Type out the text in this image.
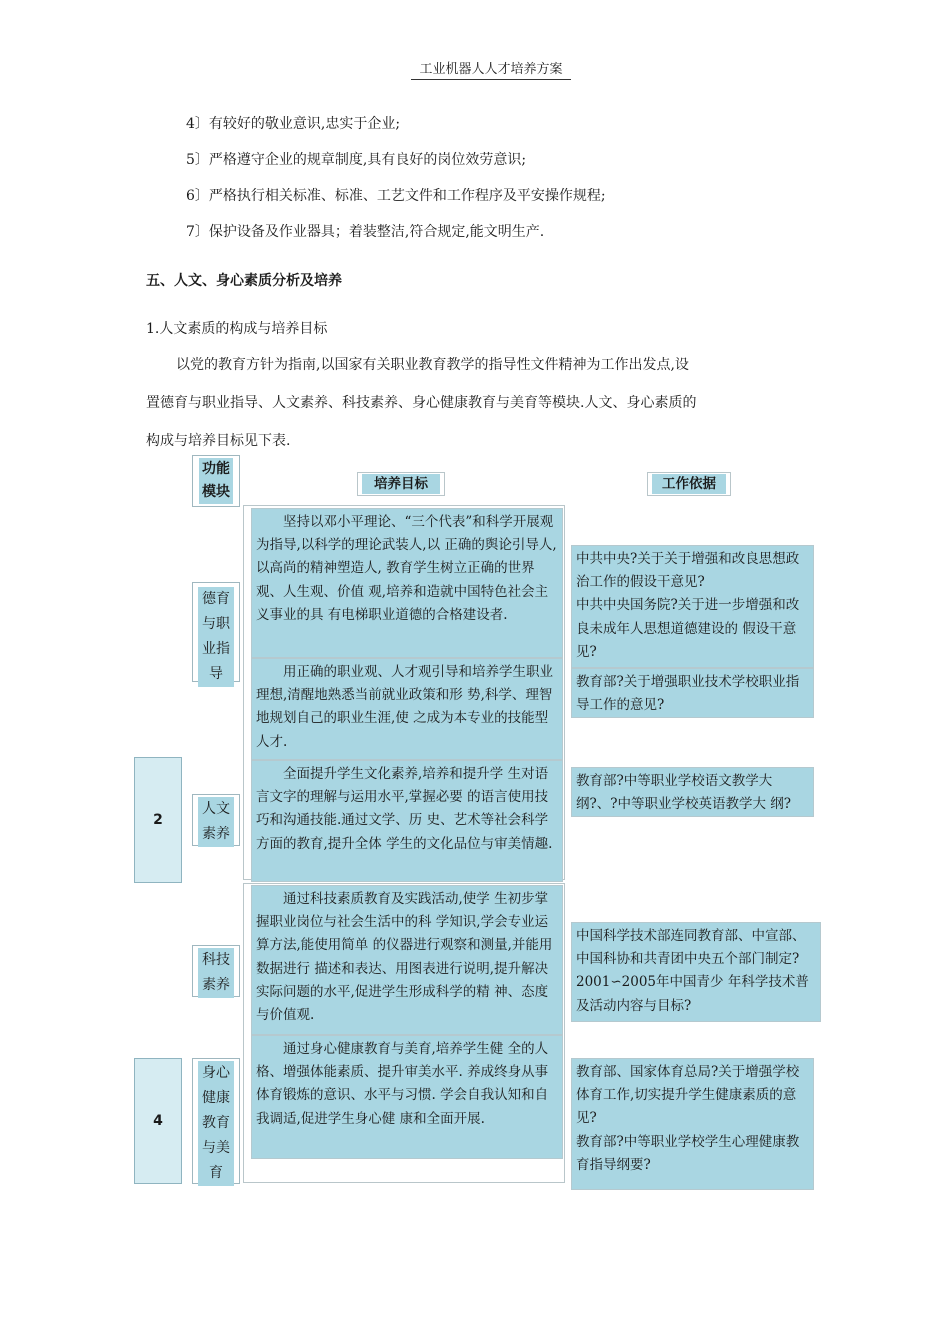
工业机器人人才培养方案
4〕有较好的敬业意识,忠实于企业;
5〕严格遵守企业的规章制度,具有良好的岗位效劳意识;
6〕严格执行相关标准、标准、工艺文件和工作程序及平安操作规程;
7〕保护设备及作业器具；着装整洁,符合规定,能文明生产.
五、人文、身心素质分析及培养
1.人文素质的构成与培养目标
以党的教育方针为指南,以国家有关职业教育教学的指导性文件精神为工作出发点,设
置德育与职业指导、人文素养、科技素养、身心健康教育与美育等模块.人文、身心素质的
构成与培养目标见下表.
功能
模块	培养目标	工作依据
2
4
德育
与职
业指
导
人文
素养
科技
素养
身心
健康
教育
与美
育
坚持以邓小平理论、“三个代表”和科学开展观为指导,以科学的理论武装人,以 正确的舆论引导人,以高尚的精神塑造人, 教育学生树立正确的世界观、人生观、价值 观,培养和造就中国特色社会主义事业的具 有电梯职业道德的合格建设者.
用正确的职业观、人才观引导和培养学生职业理想,清醒地熟悉当前就业政策和形 势,科学、理智地规划自己的职业生涯,使 之成为本专业的技能型人才.
全面提升学生文化素养,培养和提升学 生对语言文字的理解与运用水平,掌握必要 的语言使用技巧和沟通技能.通过文学、历 史、艺术等社会科学方面的教育,提升全体 学生的文化品位与审美情趣.
通过科技素质教育及实践活动,使学 生初步掌握职业岗位与社会生活中的科 学知识,学会专业运算方法,能使用简单 的仪器进行观察和测量,并能用数据进行 描述和表达、用图表进行说明,提升解决 实际问题的水平,促进学生形成科学的精 神、态度与价值观.
通过身心健康教育与美育,培养学生健 全的人格、增强体能素质、提升审美水平. 养成终身从事体育锻炼的意识、水平与习惯. 学会自我认知和自我调适,促进学生身心健 康和全面开展.
中共中央?关于关于增强和改良思想政治工作的假设干意见?
中共中央国务院?关于进一步增强和改良未成年人思想道德建设的 假设干意见?
教育部?关于增强职业技术学校职业指导工作的意见?
教育部?中等职业学校语文教学大纲?、?中等职业学校英语教学大 纲?
中国科学技术部连同教育部、中宣部、中国科协和共青团中央五个部门制定?2001∽2005年中国青少 年科学技术普及活动内容与目标?
教育部、国家体育总局?关于增强学校体育工作,切实提升学生健康素质的意见?
教育部?中等职业学校学生心理健康教育指导纲要?
